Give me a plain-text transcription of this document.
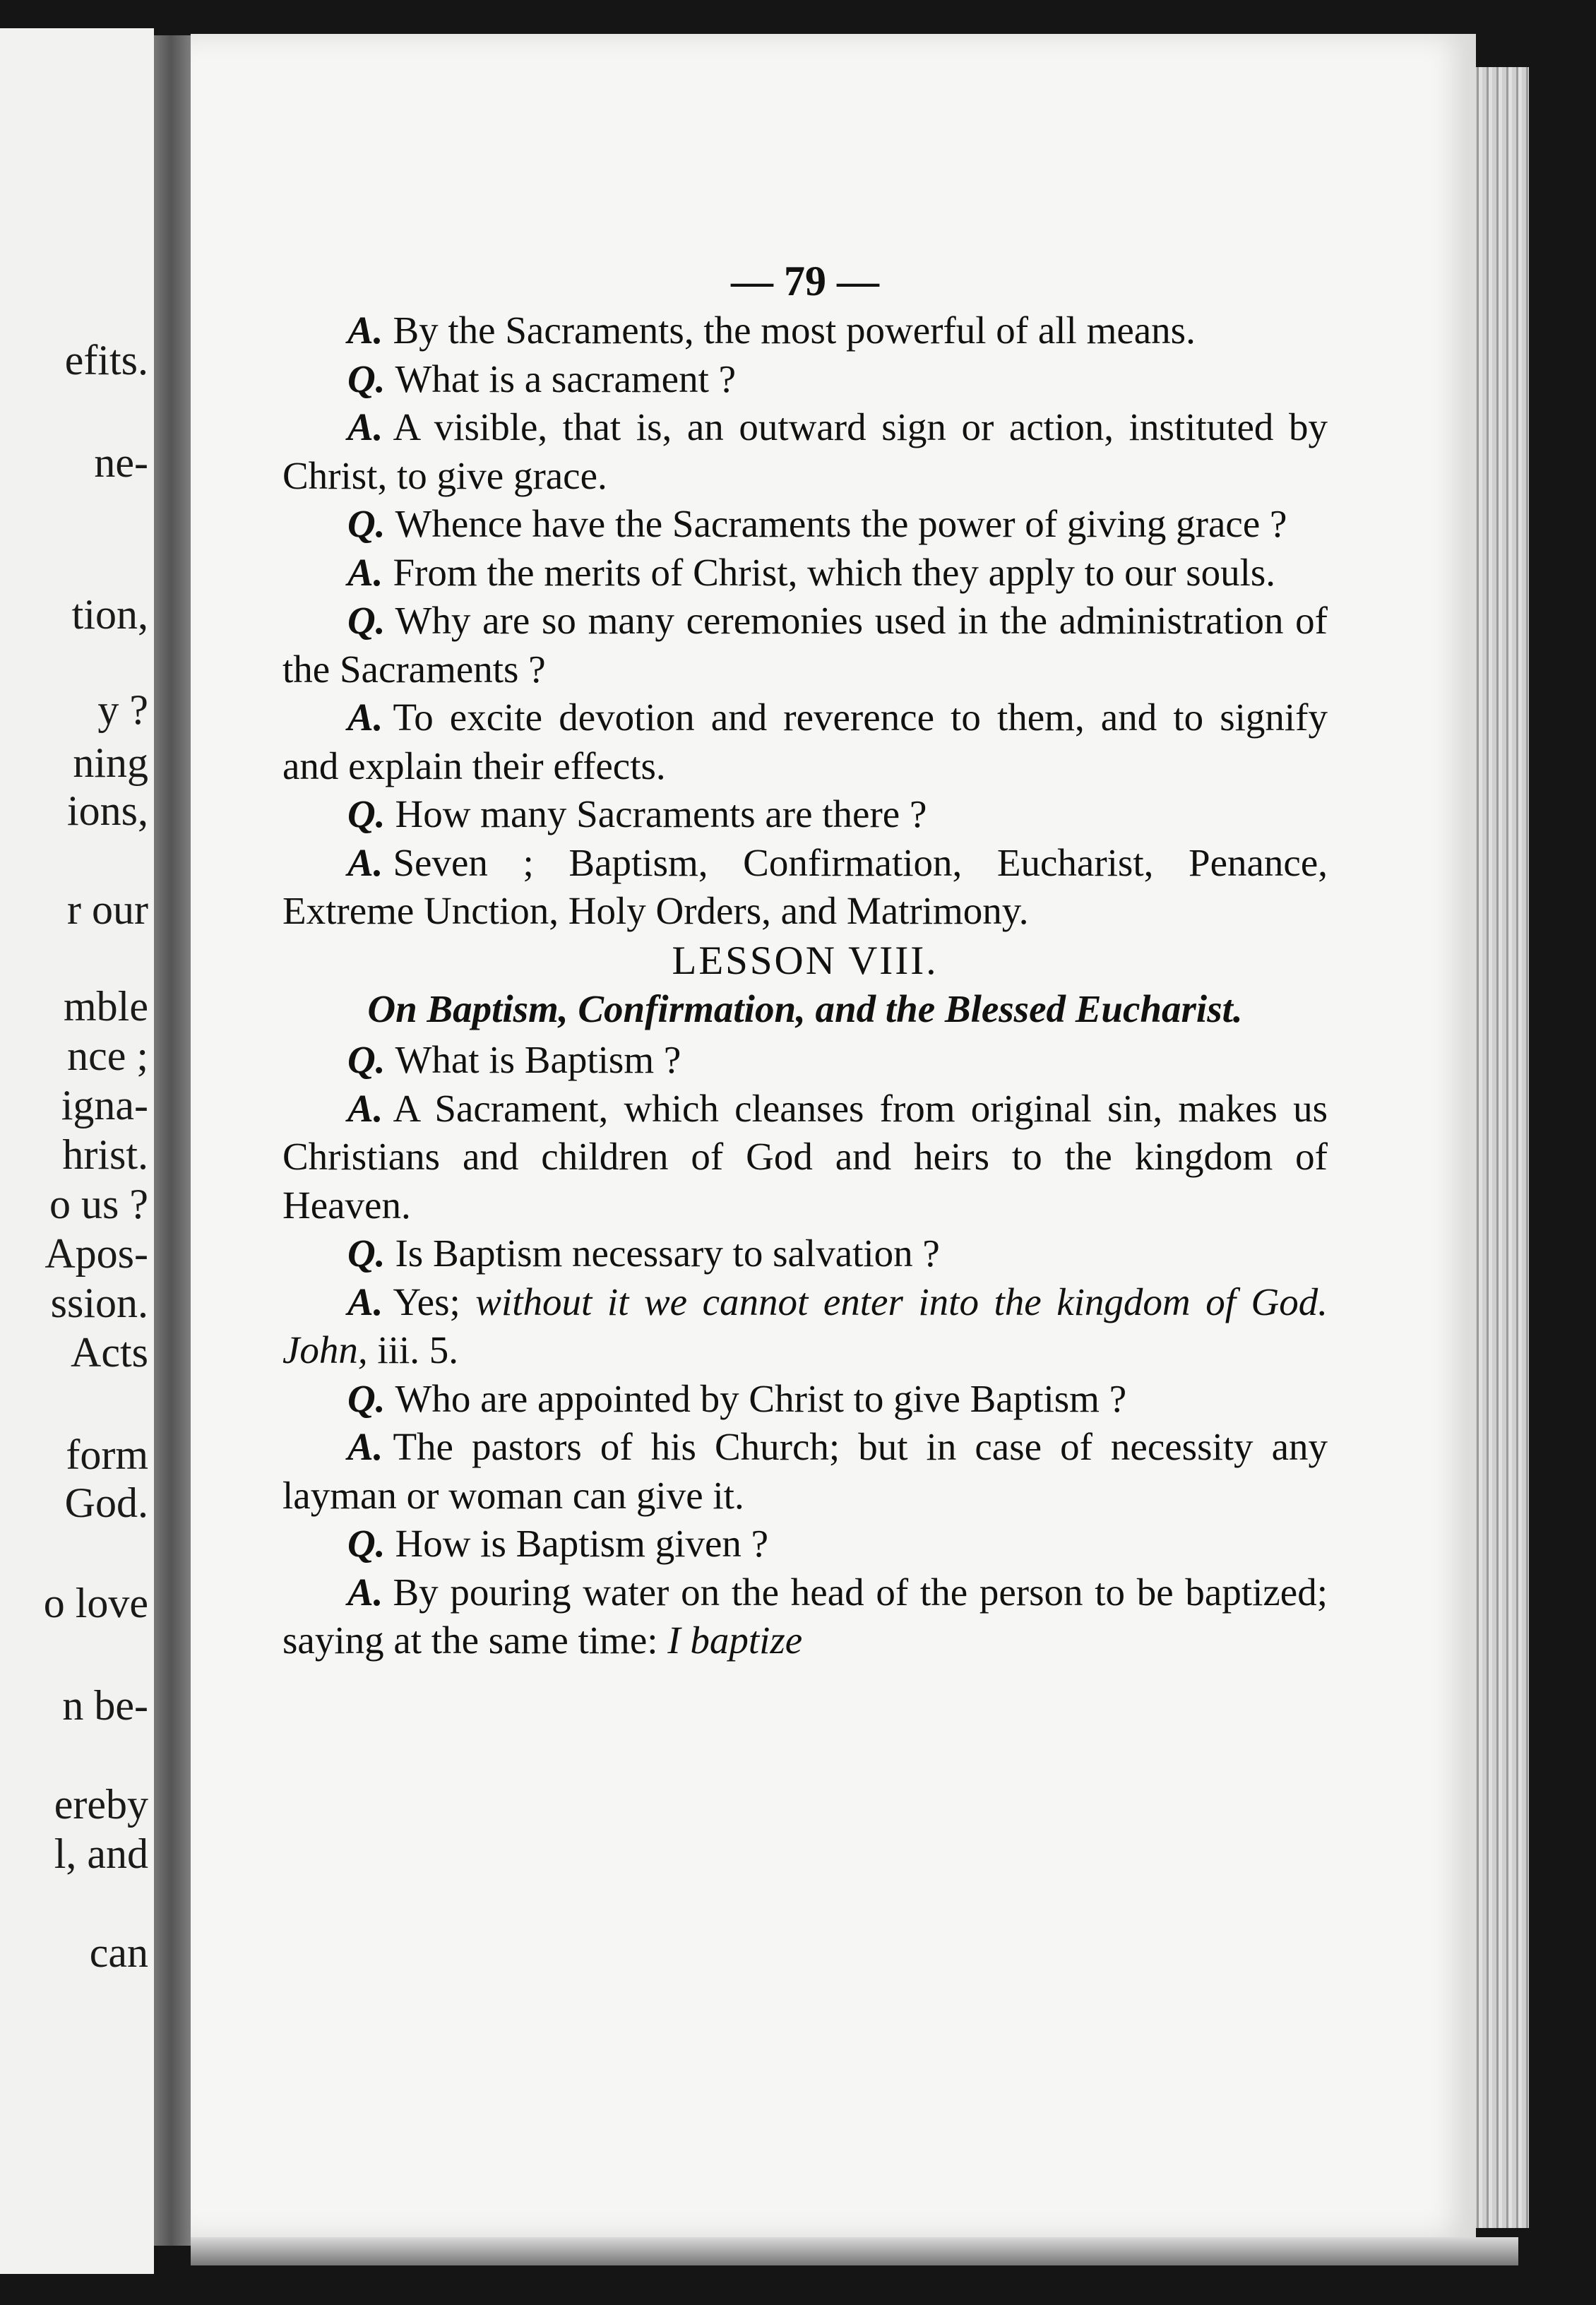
efits.

ne-

tion,

y ?

ning

ions,

r our

mble

nce ;

igna-

hrist.

o us ?

Apos-

ssion.

Acts

form

God.

o love

n be-

ereby

l, and

can

— 79 —

A. By the Sacraments, the most powerful of all means.

Q. What is a sacrament ?

A. A visible, that is, an outward sign or action, instituted by Christ, to give grace.

Q. Whence have the Sacraments the power of giving grace ?

A. From the merits of Christ, which they apply to our souls.

Q. Why are so many ceremonies used in the administration of the Sacraments ?

A. To excite devotion and reverence to them, and to signify and explain their effects.

Q. How many Sacraments are there ?

A. Seven ; Baptism, Confirmation, Eucharist, Penance, Extreme Unction, Holy Orders, and Matrimony.

LESSON VIII.

On Baptism, Confirmation, and the Blessed Eucharist.

Q. What is Baptism ?

A. A Sacrament, which cleanses from original sin, makes us Christians and children of God and heirs to the kingdom of Heaven.

Q. Is Baptism necessary to salvation ?

A. Yes; without it we cannot enter into the kingdom of God. John, iii. 5.

Q. Who are appointed by Christ to give Baptism ?

A. The pastors of his Church; but in case of necessity any layman or woman can give it.

Q. How is Baptism given ?

A. By pouring water on the head of the person to be baptized; saying at the same time: I baptize
